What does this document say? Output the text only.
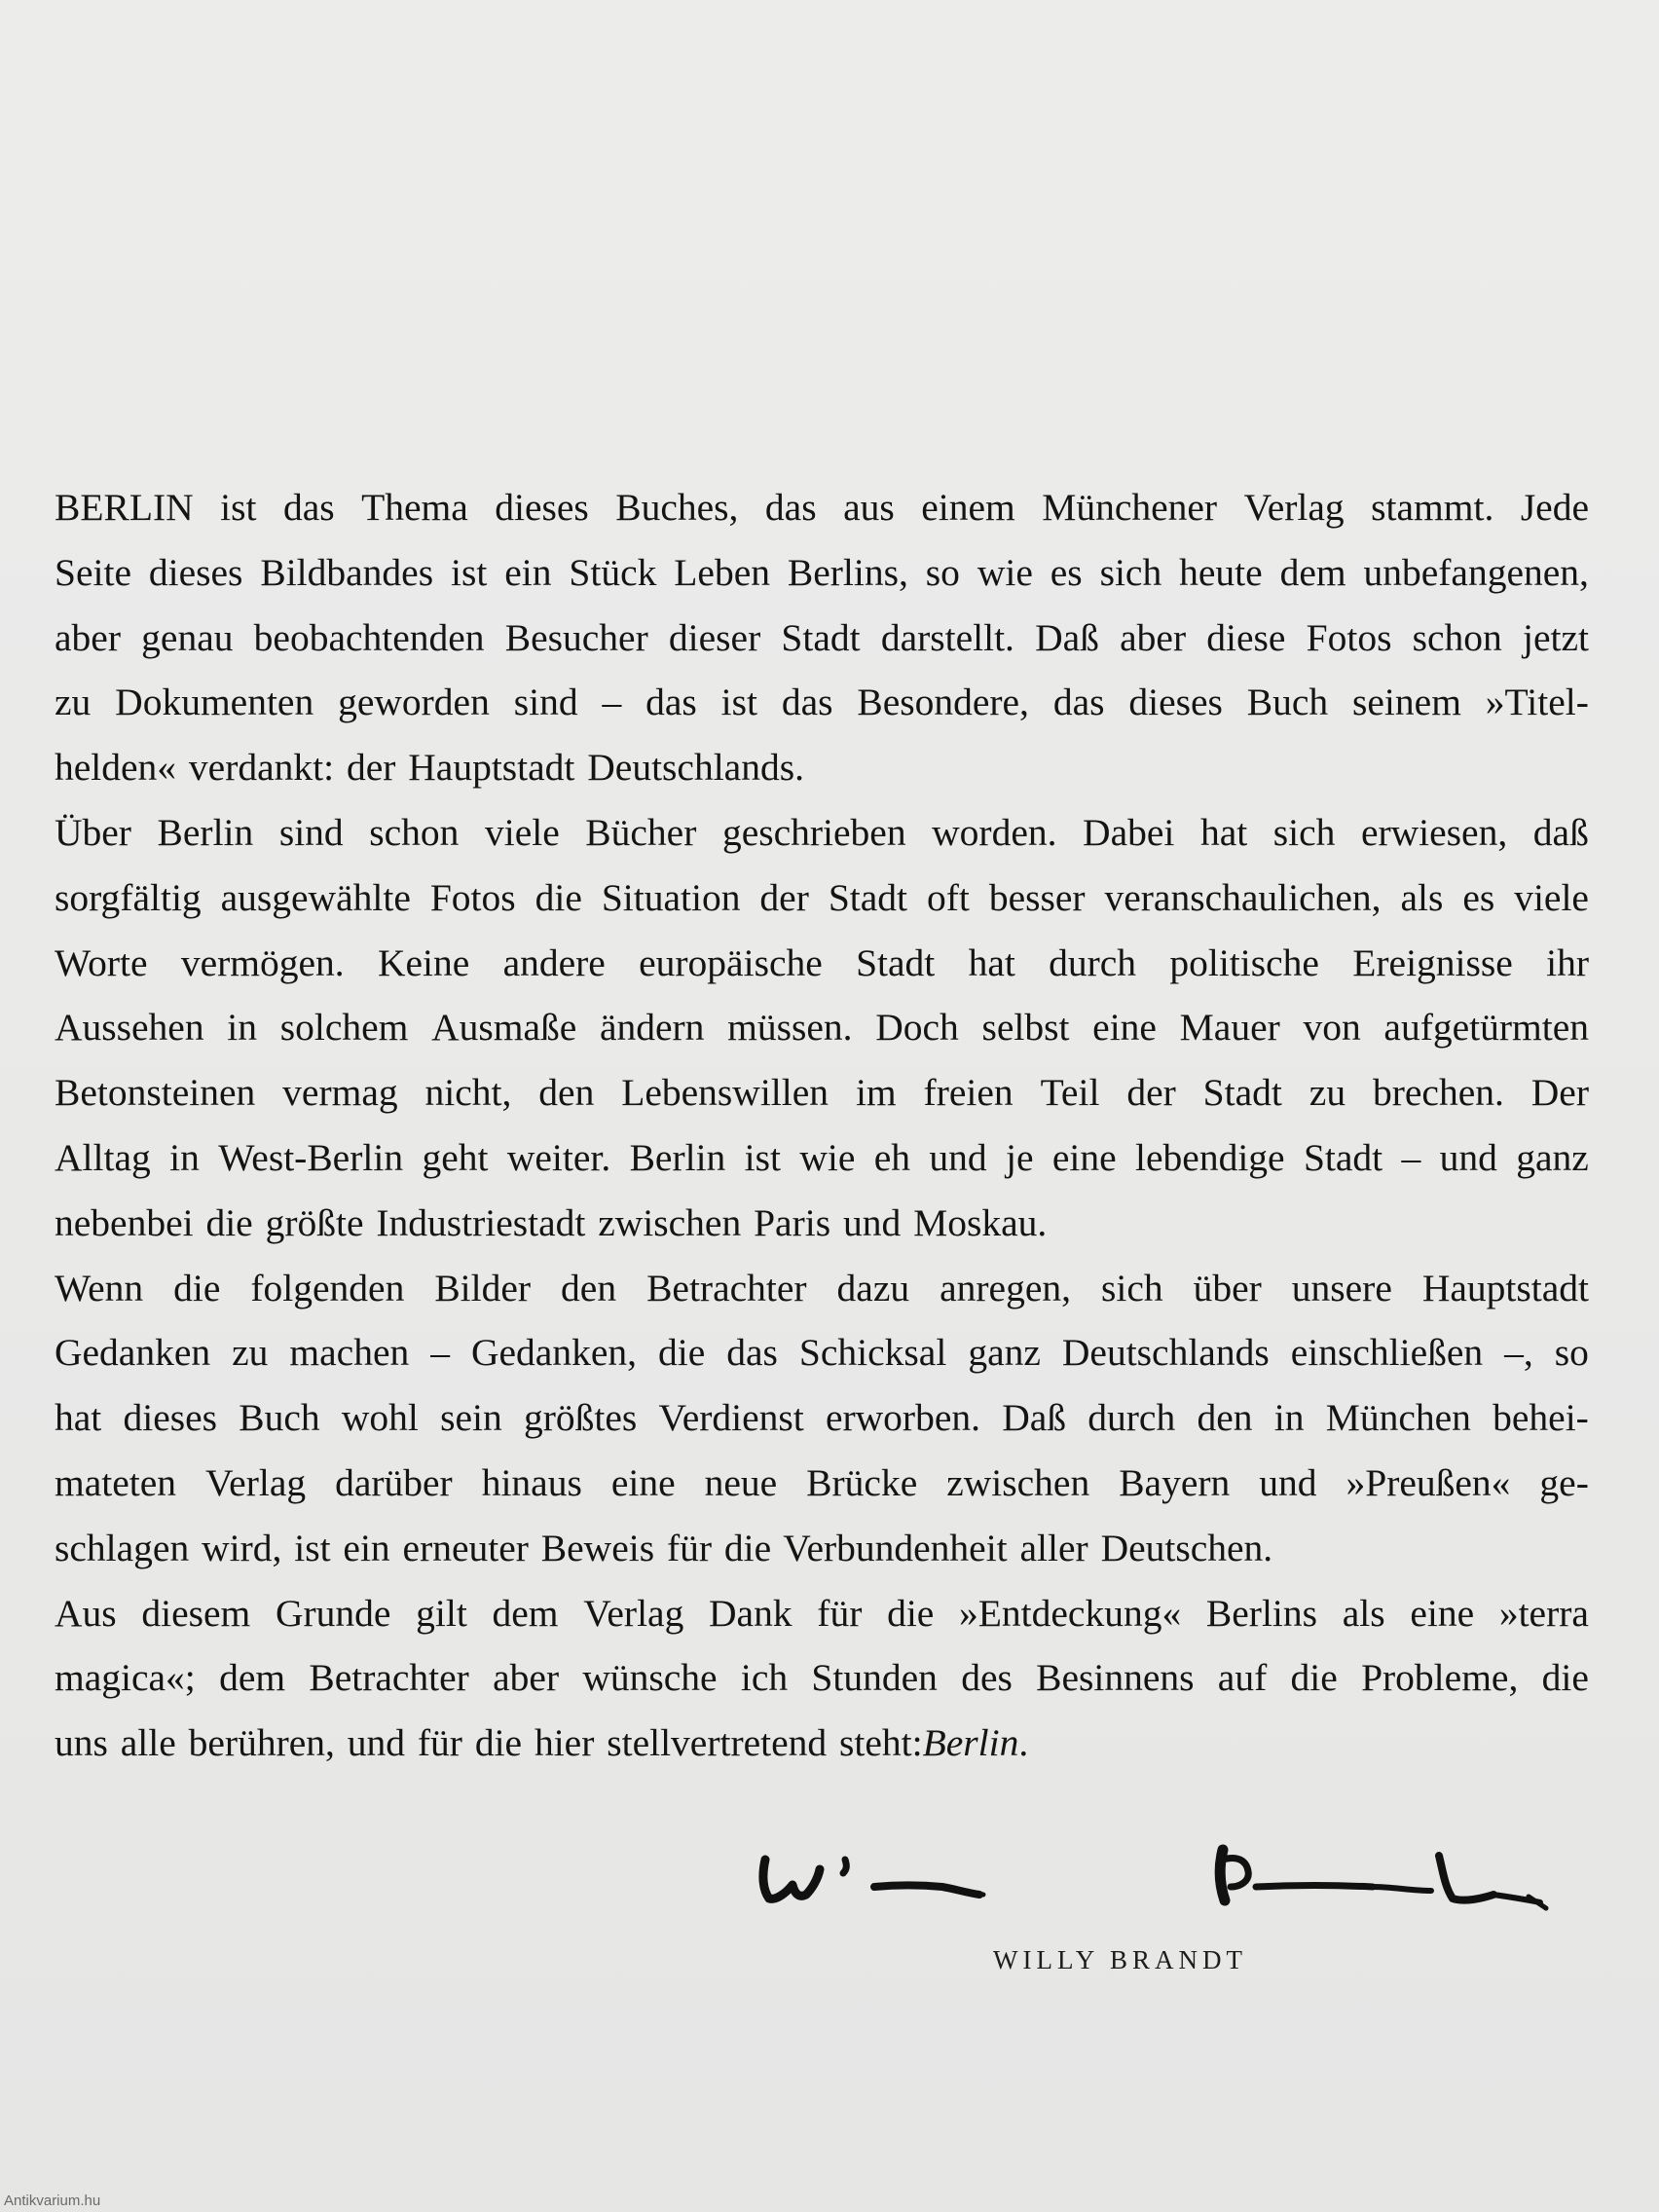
BERLIN ist das Thema dieses Buches, das aus einem Münchener Verlag stammt. Jede
Seite dieses Bildbandes ist ein Stück Leben Berlins, so wie es sich heute dem unbefangenen,
aber genau beobachtenden Besucher dieser Stadt darstellt. Daß aber diese Fotos schon jetzt
zu Dokumenten geworden sind – das ist das Besondere, das dieses Buch seinem »Titel-
helden« verdankt: der Hauptstadt Deutschlands.
Über Berlin sind schon viele Bücher geschrieben worden. Dabei hat sich erwiesen, daß
sorgfältig ausgewählte Fotos die Situation der Stadt oft besser veranschaulichen, als es viele
Worte vermögen. Keine andere europäische Stadt hat durch politische Ereignisse ihr
Aussehen in solchem Ausmaße ändern müssen. Doch selbst eine Mauer von aufgetürmten
Betonsteinen vermag nicht, den Lebenswillen im freien Teil der Stadt zu brechen. Der
Alltag in West-Berlin geht weiter. Berlin ist wie eh und je eine lebendige Stadt – und ganz
nebenbei die größte Industriestadt zwischen Paris und Moskau.
Wenn die folgenden Bilder den Betrachter dazu anregen, sich über unsere Hauptstadt
Gedanken zu machen – Gedanken, die das Schicksal ganz Deutschlands einschließen –, so
hat dieses Buch wohl sein größtes Verdienst erworben. Daß durch den in München behei-
mateten Verlag darüber hinaus eine neue Brücke zwischen Bayern und »Preußen« ge-
schlagen wird, ist ein erneuter Beweis für die Verbundenheit aller Deutschen.
Aus diesem Grunde gilt dem Verlag Dank für die »Entdeckung« Berlins als eine »terra
magica«; dem Betrachter aber wünsche ich Stunden des Besinnens auf die Probleme, die
uns alle berühren, und für die hier stellvertretend steht: Berlin .
WILLY BRANDT
Antikvarium.hu
